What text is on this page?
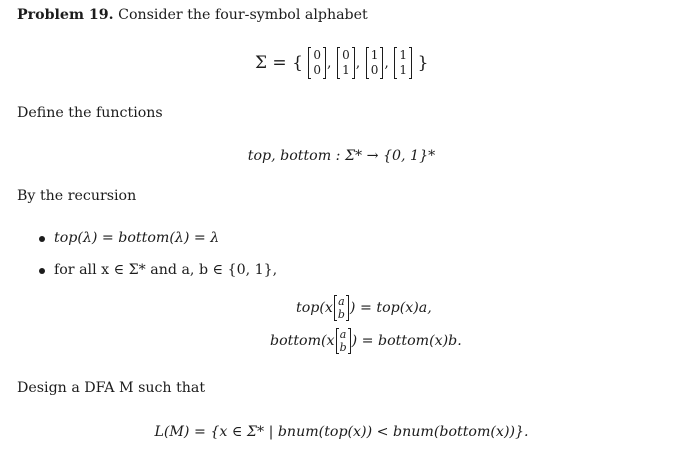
Problem 19. Consider the four-symbol alphabet
Σ = { 0
0 , 0
1 , 1
0 , 1
1 }
Define the functions
top, bottom : Σ* → {0, 1}*
By the recursion
top(λ) = bottom(λ) = λ
for all x ∈ Σ* and a, b ∈ {0, 1},
top(x a
b ) = top(x)a,
bottom(x a
b ) = bottom(x)b.
Design a DFA M such that
L(M) = {x ∈ Σ* | bnum(top(x)) < bnum(bottom(x))}.
